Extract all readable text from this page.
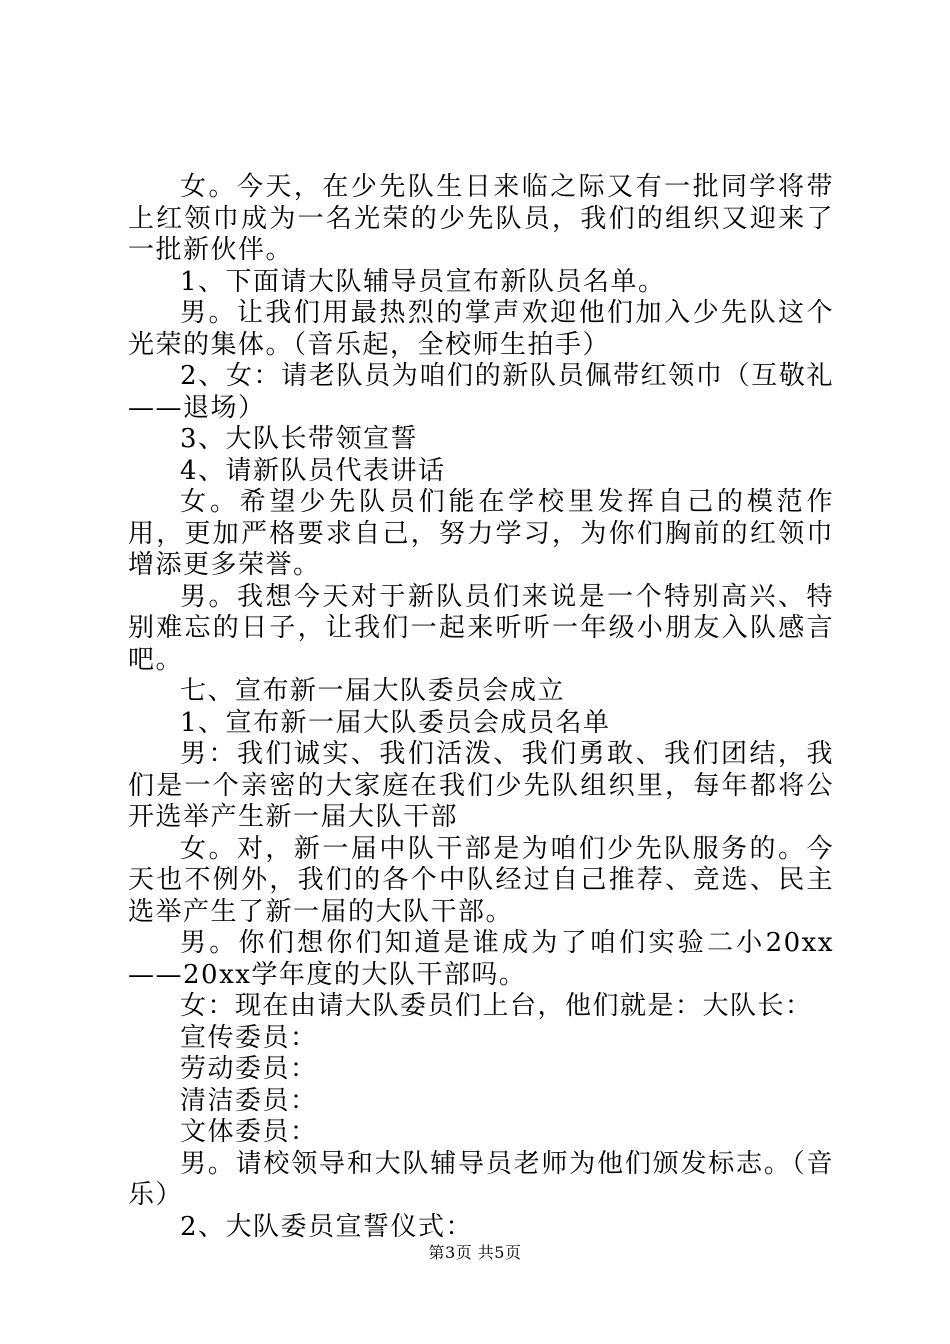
女。今天，在少先队生日来临之际又有一批同学将带上红领巾成为一名光荣的少先队员，我们的组织又迎来了一批新伙伴。

1、下面请大队辅导员宣布新队员名单。

男。让我们用最热烈的掌声欢迎他们加入少先队这个光荣的集体。（音乐起，全校师生拍手）

2、女：请老队员为咱们的新队员佩带红领巾（互敬礼——退场）

3、大队长带领宣誓

4、请新队员代表讲话

女。希望少先队员们能在学校里发挥自己的模范作用，更加严格要求自己，努力学习，为你们胸前的红领巾增添更多荣誉。

男。我想今天对于新队员们来说是一个特别高兴、特别难忘的日子，让我们一起来听听一年级小朋友入队感言吧。

七、宣布新一届大队委员会成立

1、宣布新一届大队委员会成员名单

男：我们诚实、我们活泼、我们勇敢、我们团结，我们是一个亲密的大家庭在我们少先队组织里，每年都将公开选举产生新一届大队干部

女。对，新一届中队干部是为咱们少先队服务的。今天也不例外，我们的各个中队经过自己推荐、竞选、民主选举产生了新一届的大队干部。

男。你们想你们知道是谁成为了咱们实验二小20xx——20xx学年度的大队干部吗。

女：现在由请大队委员们上台，他们就是：大队长：

宣传委员：

劳动委员：

清洁委员：

文体委员：

男。请校领导和大队辅导员老师为他们颁发标志。（音乐）

2、大队委员宣誓仪式：

第3页 共5页
